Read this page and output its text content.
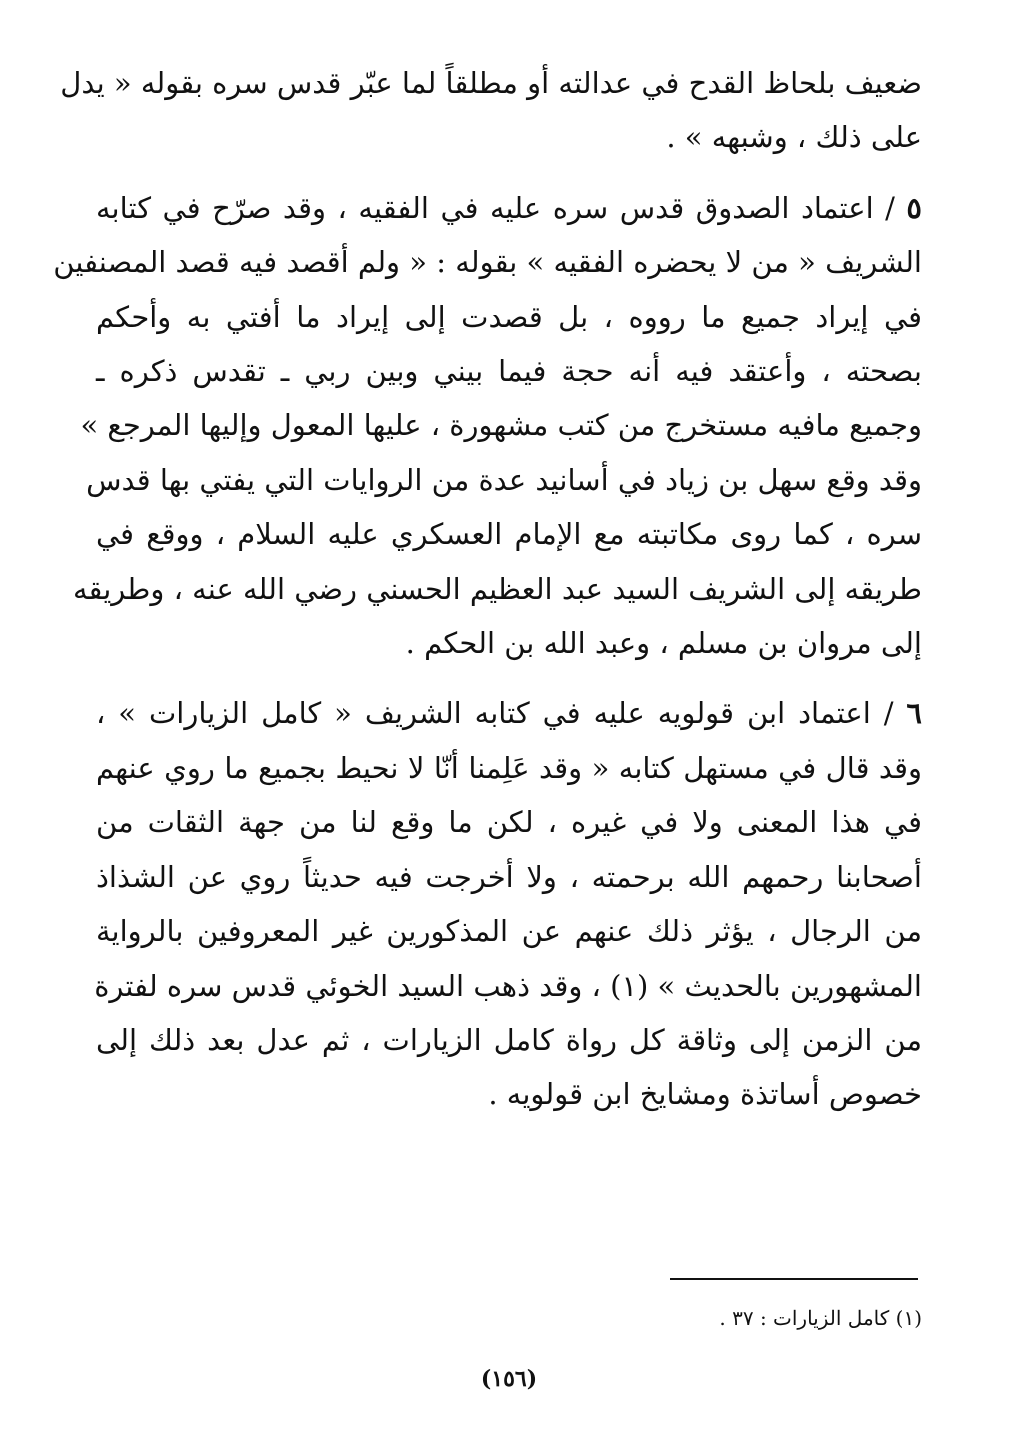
ضعيف بلحاظ القدح في عدالته أو مطلقاً لما عبّر قدس سره بقوله « يدل
على ذلك ، وشبهه » .
٥ / اعتماد الصدوق قدس سره عليه في الفقيه ، وقد صرّح في كتابه
الشريف « من لا يحضره الفقيه » بقوله : « ولم أقصد فيه قصد المصنفين
في إيراد جميع ما رووه ، بل قصدت إلى إيراد ما أفتي به وأحكم
بصحته ، وأعتقد فيه أنه حجة فيما بيني وبين ربي ـ تقدس ذكره ـ
وجميع مافيه مستخرج من كتب مشهورة ، عليها المعول وإليها المرجع »
وقد وقع سهل بن زياد في أسانيد عدة من الروايات التي يفتي بها قدس
سره ، كما روى مكاتبته مع الإمام العسكري عليه السلام ، ووقع في
طريقه إلى الشريف السيد عبد العظيم الحسني رضي الله عنه ، وطريقه
إلى مروان بن مسلم ، وعبد الله بن الحكم .
٦ / اعتماد ابن قولويه عليه في كتابه الشريف « كامل الزيارات » ،
وقد قال في مستهل كتابه « وقد عَلِمنا أنّا لا نحيط بجميع ما روي عنهم
في هذا المعنى ولا في غيره ، لكن ما وقع لنا من جهة الثقات من
أصحابنا رحمهم الله برحمته ، ولا أخرجت فيه حديثاً روي عن الشذاذ
من الرجال ، يؤثر ذلك عنهم عن المذكورين غير المعروفين بالرواية
المشهورين بالحديث » (١) ، وقد ذهب السيد الخوئي قدس سره لفترة
من الزمن إلى وثاقة كل رواة كامل الزيارات ، ثم عدل بعد ذلك إلى
خصوص أساتذة ومشايخ ابن قولويه .
(١) كامل الزيارات : ٣٧ .
(١٥٦)
